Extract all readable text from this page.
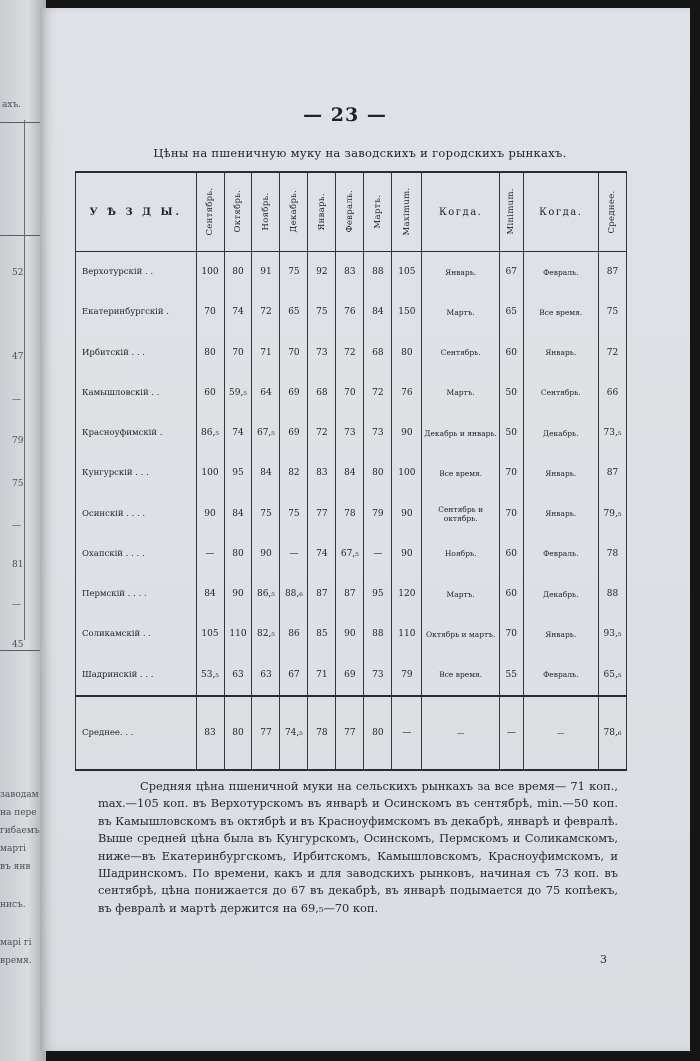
ахъ.
52
47
—
79
75
—
81
—
45
заводам
на пере
гибаемъ
марті
въ янв
нисъ.
марі гі
время.
— 23 —
Цѣны на пшеничную муку на заводскихъ и городскихъ рынкахъ.
У Ѣ З Д Ы.	Сентябрь.	Октябрь.	Ноябрь.	Декабрь.	Январь.	Февраль.	Мартъ.	Maximum.	Когда.	Minimum.	Когда.	Среднее.
Верхотурскій . .	100	80	91	75	92	83	88	105	Январь.	67	Февраль.	87
Екатеринбургскій .	70	74	72	65	75	76	84	150	Мартъ.	65	Все время.	75
Ирбитскій . . .	80	70	71	70	73	72	68	80	Сентябрь.	60	Январь.	72
Камышловскій . .	60	59,₅	64	69	68	70	72	76	Мартъ.	50	Сентябрь.	66
Красноуфимскій .	86,₅	74	67,₅	69	72	73	73	90	Декабрь и январь.	50	Декабрь.	73,₅
Кунгурскій . . .	100	95	84	82	83	84	80	100	Все время.	70	Январь.	87
Осинскій . . . .	90	84	75	75	77	78	79	90	Сентябрь и октябрь.	70	Январь.	79,₅
Охапскій . . . .	—	80	90	—	74	67,₅	—	90	Ноябрь.	60	Февраль.	78
Пермскій . . . .	84	90	86,₅	88,₆	87	87	95	120	Мартъ.	60	Декабрь.	88
Соликамскій . .	105	110	82,₅	86	85	90	88	110	Октябрь и мартъ.	70	Январь.	93,₅
Шадринскій . . .	53,₅	63	63	67	71	69	73	79	Все время.	55	Февраль.	65,₅
Среднее. . .	83	80	77	74,₅	78	77	80	—	—	—	—	78,₆

Средняя цѣна пшеничной муки на сельскихъ рынкахъ за все время— 71 коп., max.—105 коп. въ Верхотурскомъ въ январѣ и Осинскомъ въ сентябрѣ, min.—50 коп. въ Камышловскомъ въ октябрѣ и въ Красноуфимскомъ въ декабрѣ, январѣ и февралѣ. Выше средней цѣна была въ Кунгурскомъ, Осинскомъ, Пермскомъ и Соликамскомъ, ниже—въ Екатеринбургскомъ, Ирбитскомъ, Камышловскомъ, Красноуфимскомъ, и Шадринскомъ. По времени, какъ и для заводскихъ рынковъ, начиная съ 73 коп. въ сентябрѣ, цѣна понижается до 67 въ декабрѣ, въ январѣ подымается до 75 копѣекъ, въ февралѣ и мартѣ держится на 69,₅—70 коп.

3
